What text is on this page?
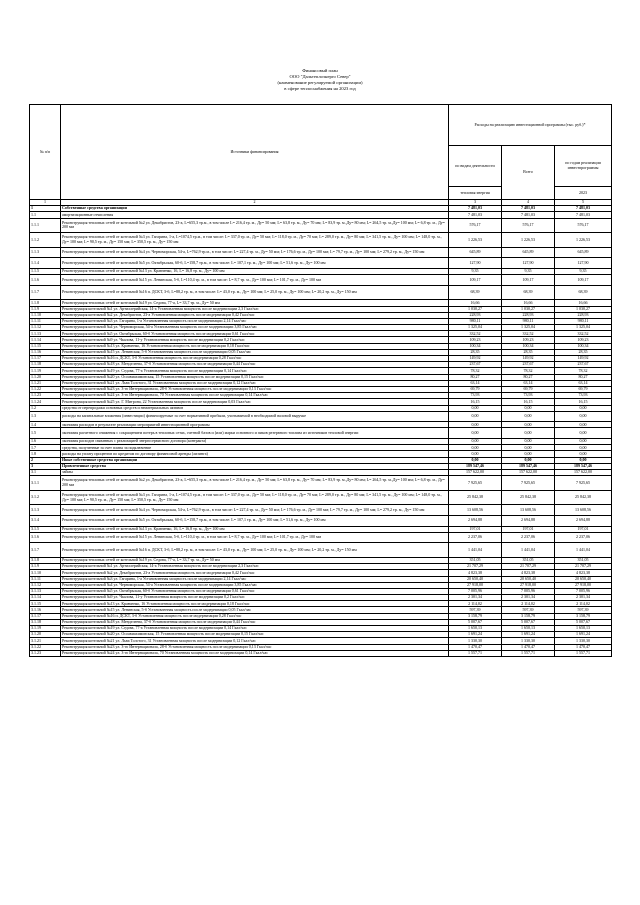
Финансовый план
ООО "Дальтеплоэнерго Север"
(наименование регулируемой организации)
в сфере теплоснабжения на 2023 год
№ п/п	Источники финансирования	Расходы на реализацию инвестиционной программы (тыс. руб.)*		
		по видам деятельности	Всего	по годам реализации инвестпрограммы
		тепловая энергия		2023
1	2	3	4	5
1	Собственные средства организации	7 481,03	7 481,03	7 481,03
1.1	амортизационные отчисления	7 481,03	7 481,03	7 481,03
1.1.1	Реконструкция тепловых сетей от котельной №2 ул. Декабристов, 23-а, L=655,3 тр.м., в том числе L= 216,4 тр. м., Ду= 50 мм; L= 63,8 тр. м., Ду= 70 мм; L= 83,9 тр. м.,Ду= 80 мм; L= 264,5 тр. м.,Ду= 100 мм; L= 6,8 тр. м., Ду= 200 мм	576,17	576,17	576,17
1.1.2	Реконструкция тепловых сетей от котельной №3 ул. Гагарина, 1-а, L=1074,5 тр.м., в том числе: L= 337,0 тр. м., Ду= 50 мм; L= 118,0 тр. м., Ду= 70 мм; L= 289,0 тр. м., Ду= 80 мм; L= 341,5 тр. м., Ду= 100 мм; L= 148,0 тр. м., Ду= 100 мм; L= 90,5 тр. м., Ду= 150 мм; L= 350,5 тр. м., Ду= 150 мм	1 226,53	1 226,53	1 226,53
1.1.3	Реконструкция тепловых сетей от котельной №4 ул. Черноморская, 54-а, L=762,9 тр.м., в том числе: L= 227,4 тр. м., Ду= 50 мм; L= 176,6 тр. м., Ду= 100 мм; L= 79,7 тр. м., Ду= 100 мм; L= 279,2 тр. м., Ду= 150 мм	645,89	645,89	645,89
1.1.4	Реконструкция тепловых сетей от котельной №5 ул. Октябрьская, 60-б, L=158,7 тр.м., в том числе: L= 107,1 тр. м., Ду= 100 мм; L= 51,6 тр. м., Ду= 100 мм	127,90	127,90	127,90
1.1.5	Реконструкция тепловых сетей от котельной №13 ул. Кравченко, 16, L= 16,8 тр. м., Ду= 100 мм	9,35	9,35	9,35
1.1.6	Реконструкция тепловых сетей от котельной №15 ул. Ленинская, 5-б, L=110,4 тр. м., в том числе: L= 8,7 тр. м., Ду= 100 мм; L= 101,7 тр. м., Ду= 100 мм	109,17	109,17	109,17
1.1.7	Реконструкция тепловых сетей от котельной №16 п. ДСКТ, 3-б, L=88,2 тр. м., в том числе: L= 43,0 тр. м., Ду= 100 мм; L= 25,0 тр. м., Ду= 100 мм; L= 20,2 тр. м., Ду= 150 мм	68,39	68,39	68,39
1.1.8	Реконструкция тепловых сетей от котельной №19 ул. Седова, 77-а, L= 33,7 тр. м., Ду= 50 мм	16,66	16,66	16,66
1.1.9	Реконструкция котельной №1 ул. Артиллерийская, 14-а Установленная мощность после модернизации 2,3 Гкал/час	1 030,27	1 030,27	1 030,27
1.1.10	Реконструкция котельной №2 ул. Декабристов, 23-а Установленная мощность после модернизации 0,42 Гкал/час	228,93	228,93	228,93
1.1.11	Реконструкция котельной №3 ул. Гагарина, 1-а Установленная мощность после модернизации 2,14 Гкал/час	980,11	980,11	980,11
1.1.12	Реконструкция котельной №4 ул. Черноморская, 54-а Установленная мощность после модернизации 3,85 Гкал/час	1 325,04	1 325,04	1 325,04
1.1.13	Реконструкция котельной №5 ул. Октябрьская, 60-б Установленная мощность после модернизации 0,61 Гкал/час	332,52	332,52	332,52
1.1.14	Реконструкция котельной №9 ул. Чкалова, 11-у Установленная мощность после модернизации 0,2 Гкал/час	109,23	109,23	109,23
1.1.15	Реконструкция котельной №13 ул. Кравченко, 16 Установленная мощность после модернизации 0,18 Гкал/час	100,34	100,34	100,34
1.1.16	Реконструкция котельной №15 ул. Ленинская, 5-б Установленная мощность после модернизации 0,05 Гкал/час	28,35	28,35	28,35
1.1.17	Реконструкция котельной №16 п. ДСКТ, 3-б Установленная мощность после модернизации 0,28 Гкал/час	149,92	149,92	149,92
1.1.18	Реконструкция котельной №18 ул. Менделеева, 37-б Установленная мощность после модернизации 0,44 Гкал/час	237,67	237,67	237,67
1.1.19	Реконструкция котельной №19 ул. Седова, 77-а Установленная мощность после модернизации 0,14 Гкал/час	78,32	78,32	78,32
1.1.20	Реконструкция котельной №20 ул. Осоавиахимовская, 15 Установленная мощность после модернизации 0,15 Гкал/час	80,27	80,27	80,27
1.1.21	Реконструкция котельной №21 ул. Льва Толстого, 31 Установленная мощность после модернизации 0,12 Гкал/час	63,14	63,14	63,14
1.1.22	Реконструкция котельной №23 ул. 3-го Интернационала, 28-б Установленная мощность после модернизации 0,13 Гкал/час	69,79	69,79	69,79
1.1.23	Реконструкция котельной №24 ул. 3-го Интернационала, 70 Установленная мощность после модернизации 0,14 Гкал/час	73,93	73,93	73,93
1.1.24	Реконструкция котельной №25 ул. Г. Митрона, 22 Установленная мощность после модернизации 0,03 Гкал/час	16,15	16,15	16,15
1.2	средства от перепродажи основных средств и нематериальных активов	0,00	0,00	0,00
1.3	расходы на капитальные вложения (инвестиции) финансируемые за счет нормативной прибыли, учитываемой в необходимой валовой выручке	0,00	0,00	0,00
1.4	экономия расходов в результате реализации мероприятий инвестиционной программы	0,00	0,00	0,00
1.5	экономия расчетного снижения с сокращением потерь в тепловых сетях, счетной базов и (или) марки основного и пиков резервного топлива из источников тепловой энергии	0,00	0,00	0,00
1.6	экономия расходов связанных с реализацией энергосервисного договора (контракта)	0,00	0,00	0,00
1.7	средства, полученные за счет платы за подключение	0,00	0,00	0,00
1.8	расходы на уплату процентов по кредитам по договору финансовой аренды (лизинга)	0,00	0,00	0,00
2	Иные собственные средства организации	0,00	0,00	0,00
3	Привлеченные средства	189 547,46	189 547,46	189 547,46
3.1	займы	157 622,00	157 622,00	157 622,00
3.1.1	Реконструкция тепловых сетей от котельной №2 ул. Декабристов, 23-а, L=655,3 тр.м., в том числе L= 216,4 тр. м., Ду= 50 мм; L= 63,8 тр. м., Ду= 70 мм; L= 83,9 тр. м.,Ду= 80 мм; L= 264,5 тр. м.,Ду= 100 мм; L= 6,8 тр. м., Ду= 200 мм	7 925,65	7 925,65	7 925,65
3.1.2	Реконструкция тепловых сетей от котельной №3 ул. Гагарина, 1-а, L=1074,5 тр.м., в том числе: L= 337,0 тр. м., Ду= 50 мм; L= 118,0 тр. м., Ду= 70 мм; L= 289,0 тр. м., Ду= 80 мм; L= 341,5 тр. м., Ду= 100 мм; L= 148,0 тр. м., Ду= 100 мм; L= 90,5 тр. м., Ду= 150 мм; L= 350,5 тр. м., Ду= 150 мм	25 842,38	25 842,38	25 842,38
3.1.3	Реконструкция тепловых сетей от котельной №4 ул. Черноморская, 54-а, L=762,9 тр.м., в том числе: L= 227,4 тр. м., Ду= 50 мм; L= 176,6 тр. м., Ду= 100 мм; L= 79,7 тр. м., Ду= 100 мм; L= 279,2 тр. м., Ду= 150 мм	13 608,56	13 608,56	13 608,56
3.1.4	Реконструкция тепловых сетей от котельной №5 ул. Октябрьская, 60-б, L=158,7 тр.м., в том числе: L= 107,1 тр. м., Ду= 100 мм; L= 51,6 тр. м., Ду= 100 мм	2 694,88	2 694,88	2 694,88
3.1.5	Реконструкция тепловых сетей от котельной №13 ул. Кравченко, 16, L= 16,8 тр. м., Ду= 100 мм	197,01	197,01	197,01
3.1.6	Реконструкция тепловых сетей от котельной №15 ул. Ленинская, 5-б, L=110,4 тр. м., в том числе: L= 8,7 тр. м., Ду= 100 мм; L= 101,7 тр. м., Ду= 100 мм	2 237,06	2 237,06	2 237,06
3.1.7	Реконструкция тепловых сетей от котельной №16 п. ДСКТ, 3-б, L=88,2 тр. м., в том числе: L= 43,0 тр. м., Ду= 100 мм; L= 25,0 тр. м., Ду= 100 мм; L= 20,2 тр. м., Ду= 150 мм	1 441,04	1 441,04	1 441,04
3.1.8	Реконструкция тепловых сетей от котельной №19 ул. Седова, 77-а, L= 33,7 тр. м., Ду= 50 мм	351,05	351,05	351,05
3.1.9	Реконструкция котельной №1 ул. Артиллерийская, 14-а Установленная мощность после модернизации 2,3 Гкал/час	21 707,29	21 707,29	21 707,29
3.1.10	Реконструкция котельной №2 ул. Декабристов, 23-а Установленная мощность после модернизации 0,42 Гкал/час	4 823,38	4 823,38	4 823,38
3.1.11	Реконструкция котельной №3 ул. Гагарина, 1-а Установленная мощность после модернизации 2,14 Гкал/час	20 650,40	20 650,40	20 650,40
3.1.12	Реконструкция котельной №4 ул. Черноморская, 54-а Установленная мощность после модернизации 3,85 Гкал/час	27 918,00	27 918,00	27 918,00
3.1.13	Реконструкция котельной №5 ул. Октябрьская, 60-б Установленная мощность после модернизации 0,61 Гкал/час	7 005,96	7 005,96	7 005,96
3.1.14	Реконструкция котельной №9 ул. Чкалова, 11-у Установленная мощность после модернизации 0,2 Гкал/час	2 301,34	2 301,34	2 301,34
3.1.15	Реконструкция котельной №13 ул. Кравченко, 16 Установленная мощность после модернизации 0,18 Гкал/час	2 114,02	2 114,02	2 114,02
3.1.16	Реконструкция котельной №15 ул. Ленинская, 5-б Установленная мощность после модернизации 0,05 Гкал/час	597,39	597,39	597,39
3.1.17	Реконструкция котельной №16 п. ДСКТ, 3-б Установленная мощность после модернизации 0,28 Гкал/час	3 158,79	3 158,79	3 158,79
3.1.18	Реконструкция котельной №18 ул. Менделеева, 37-б Установленная мощность после модернизации 0,44 Гкал/час	5 007,67	5 007,67	5 007,67
3.1.19	Реконструкция котельной №19 ул. Седова, 77-а Установленная мощность после модернизации 0,14 Гкал/час	1 650,13	1 650,13	1 650,13
3.1.20	Реконструкция котельной №20 ул. Осоавиахимовская, 15 Установленная мощность после модернизации 0,15 Гкал/час	1 691,24	1 691,24	1 691,24
3.1.21	Реконструкция котельной №21 ул. Льва Толстого, 31 Установленная мощность после модернизации 0,12 Гкал/час	1 330,30	1 330,30	1 330,30
3.1.22	Реконструкция котельной №23 ул. 3-го Интернационала, 28-б Установленная мощность после модернизации 0,13 Гкал/час	1 470,47	1 470,47	1 470,47
3.1.23	Реконструкция котельной №24 ул. 3-го Интернационала, 70 Установленная мощность после модернизации 0,14 Гкал/час	1 557,71	1 557,71	1 557,71
